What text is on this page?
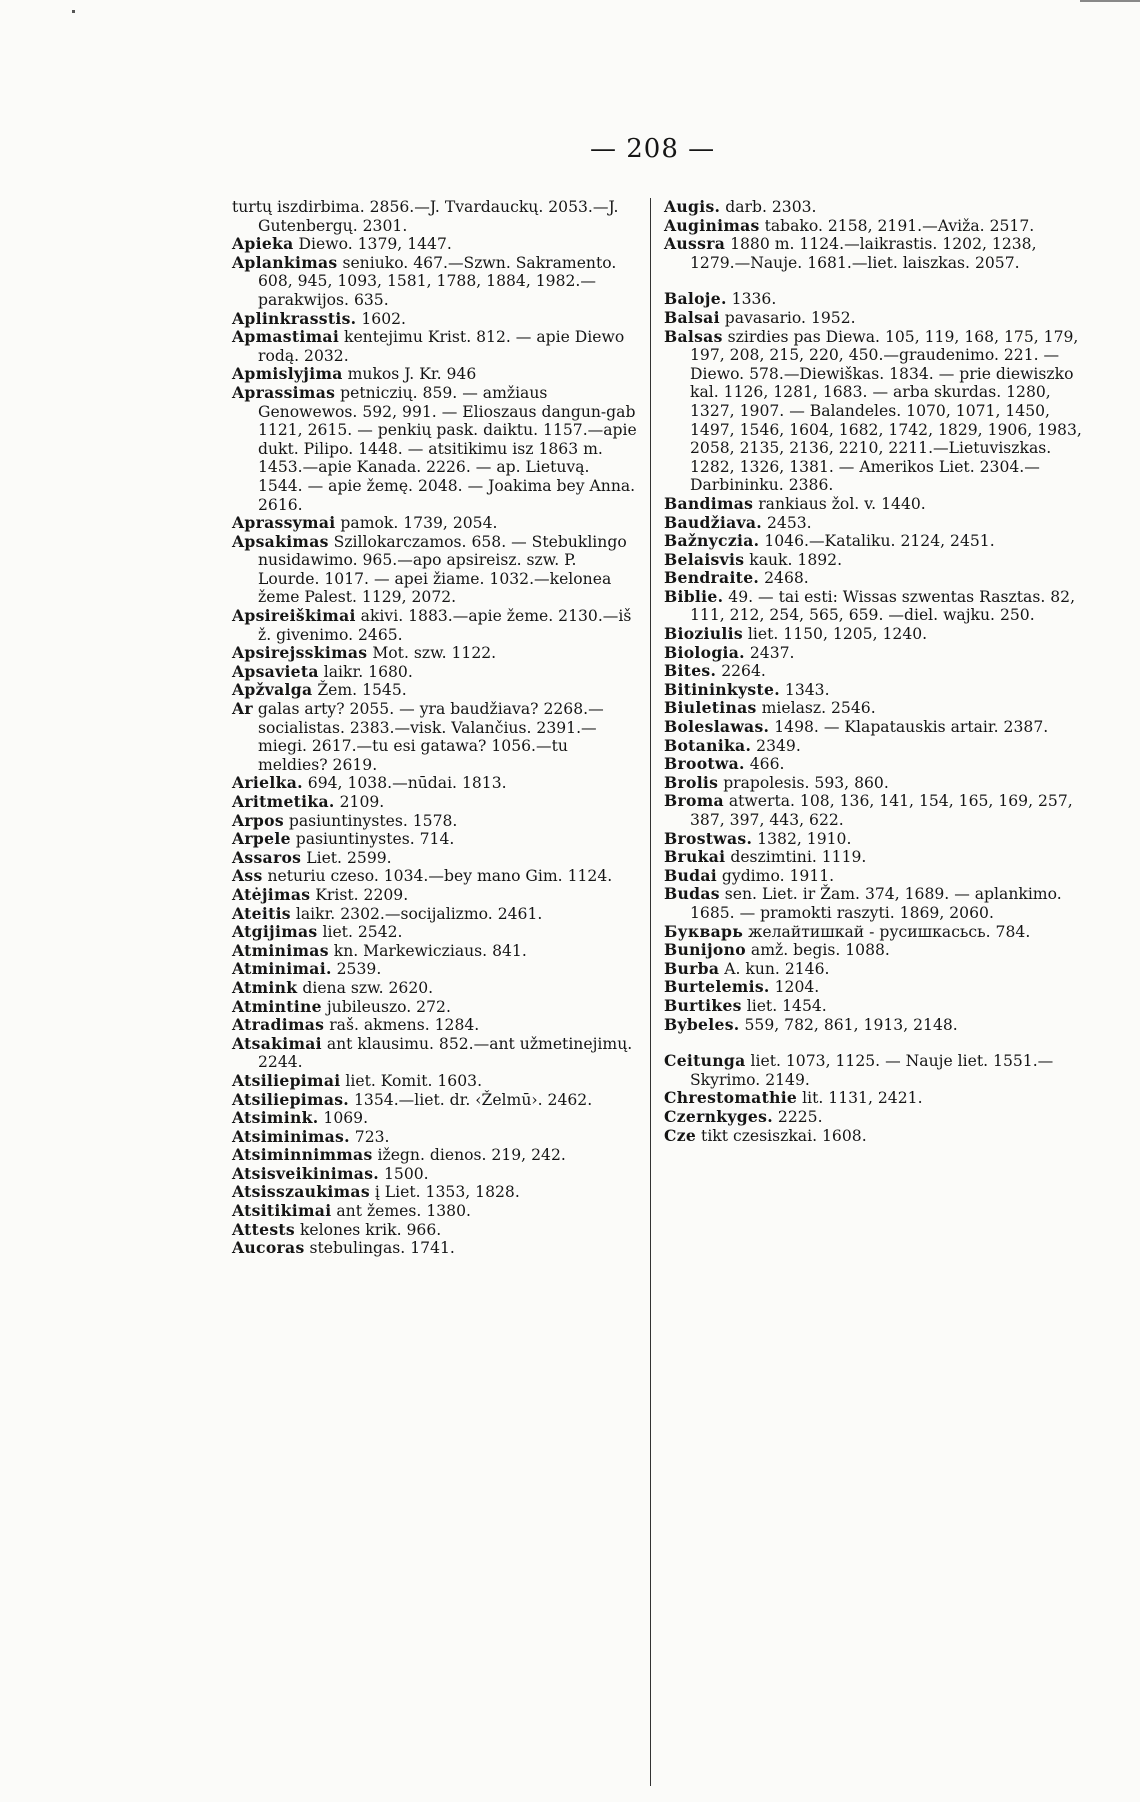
— 208 —
turtų iszdirbima. 2856.—J. Tvardauckų. 2053.—J. Gutenbergų. 2301.
Apieka Diewo. 1379, 1447.
Aplankimas seniuko. 467.—Szwn. Sakramento. 608, 945, 1093, 1581, 1788, 1884, 1982.—parakwijos. 635.
Aplinkrasstis. 1602.
Apmastimai kentejimu Krist. 812. — apie Diewo rodą. 2032.
Apmislyjima mukos J. Kr. 946
Aprassimas petniczių. 859. — amžiaus Genowewos. 592, 991. — Elioszaus dangun-gab 1121, 2615. — penkių pask. daiktu. 1157.—apie dukt. Pilipo. 1448. — atsitikimu isz 1863 m. 1453.—apie Kanada. 2226. — ap. Lietuvą. 1544. — apie žemę. 2048. — Joakima bey Anna. 2616.
Aprassymai pamok. 1739, 2054.
Apsakimas Szillokarczamos. 658. — Stebuklingo nusidawimo. 965.—apo apsireisz. szw. P. Lourde. 1017. — apei žiame. 1032.—kelonea žeme Palest. 1129, 2072.
Apsireiškimai akivi. 1883.—apie žeme. 2130.—iš ž. givenimo. 2465.
Apsirejsskimas Mot. szw. 1122.
Apsavieta laikr. 1680.
Apžvalga Žem. 1545.
Ar galas arty? 2055. — yra baudžiava? 2268.—socialistas. 2383.—visk. Valančius. 2391.—miegi. 2617.—tu esi gatawa? 1056.—tu meldies? 2619.
Arielka. 694, 1038.—nūdai. 1813.
Aritmetika. 2109.
Arpos pasiuntinystes. 1578.
Arpele pasiuntinystes. 714.
Assaros Liet. 2599.
Ass neturiu czeso. 1034.—bey mano Gim. 1124.
Atėjimas Krist. 2209.
Ateitis laikr. 2302.—socijalizmo. 2461.
Atgijimas liet. 2542.
Atminimas kn. Markewicziaus. 841.
Atminimai. 2539.
Atmink diena szw. 2620.
Atmintine jubileuszo. 272.
Atradimas raš. akmens. 1284.
Atsakimai ant klausimu. 852.—ant užmetinejimų. 2244.
Atsiliepimai liet. Komit. 1603.
Atsiliepimas. 1354.—liet. dr. ‹Želmū›. 2462.
Atsimink. 1069.
Atsiminimas. 723.
Atsiminnimmas ižegn. dienos. 219, 242.
Atsisveikinimas. 1500.
Atsisszaukimas į Liet. 1353, 1828.
Atsitikimai ant žemes. 1380.
Attests kelones krik. 966.
Aucoras stebulingas. 1741.
Augis. darb. 2303.
Auginimas tabako. 2158, 2191.—Aviža. 2517.
Aussra 1880 m. 1124.—laikrastis. 1202, 1238, 1279.—Nauje. 1681.—liet. laiszkas. 2057.
Baloje. 1336.
Balsai pavasario. 1952.
Balsas szirdies pas Diewa. 105, 119, 168, 175, 179, 197, 208, 215, 220, 450.—graudenimo. 221. — Diewo. 578.—Diewiškas. 1834. — prie diewiszko kal. 1126, 1281, 1683. — arba skurdas. 1280, 1327, 1907. — Balandeles. 1070, 1071, 1450, 1497, 1546, 1604, 1682, 1742, 1829, 1906, 1983, 2058, 2135, 2136, 2210, 2211.—Lietuviszkas. 1282, 1326, 1381. — Amerikos Liet. 2304.—Darbininku. 2386.
Bandimas rankiaus žol. v. 1440.
Baudžiava. 2453.
Bažnyczia. 1046.—Kataliku. 2124, 2451.
Belaisvis kauk. 1892.
Bendraite. 2468.
Biblie. 49. — tai esti: Wissas szwentas Rasztas. 82, 111, 212, 254, 565, 659. —diel. wajku. 250.
Bioziulis liet. 1150, 1205, 1240.
Biologia. 2437.
Bites. 2264.
Bitininkyste. 1343.
Biuletinas mielasz. 2546.
Boleslawas. 1498. — Klapatauskis artair. 2387.
Botanika. 2349.
Brootwa. 466.
Brolis prapolesis. 593, 860.
Broma atwerta. 108, 136, 141, 154, 165, 169, 257, 387, 397, 443, 622.
Brostwas. 1382, 1910.
Brukai deszimtini. 1119.
Budai gydimo. 1911.
Budas sen. Liet. ir Žam. 374, 1689. — aplankimo. 1685. — pramokti raszyti. 1869, 2060.
Букварь желайтишкай - русишкасьсь. 784.
Bunijono amž. begis. 1088.
Burba A. kun. 2146.
Burtelemis. 1204.
Burtikes liet. 1454.
Bybeles. 559, 782, 861, 1913, 2148.
Ceitunga liet. 1073, 1125. — Nauje liet. 1551.—Skyrimo. 2149.
Chrestomathie lit. 1131, 2421.
Czernkyges. 2225.
Cze tikt czesiszkai. 1608.
